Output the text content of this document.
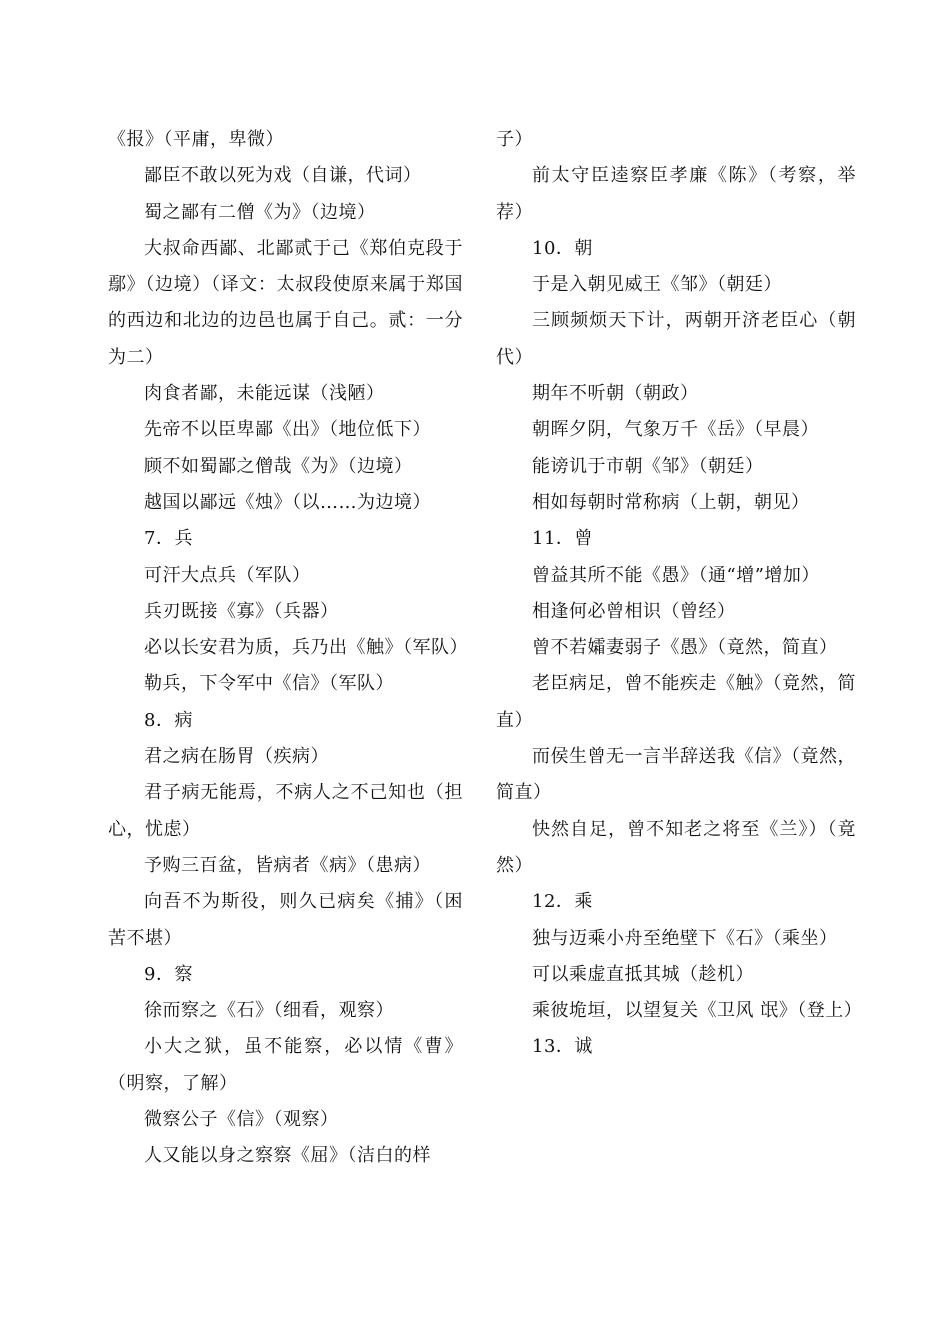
《报》（平庸，卑微）

鄙臣不敢以死为戏（自谦，代词）

蜀之鄙有二僧《为》（边境）

大叔命西鄙、北鄙贰于己《郑伯克段于鄢》（边境）（译文：太叔段使原来属于郑国的西边和北边的边邑也属于自己。贰：一分为二）

肉食者鄙，未能远谋（浅陋）

先帝不以臣卑鄙《出》（地位低下）

顾不如蜀鄙之僧哉《为》（边境）

越国以鄙远《烛》（以……为边境）

7．兵

可汗大点兵（军队）

兵刃既接《寡》（兵器）

必以长安君为质，兵乃出《触》（军队）

勒兵，下令军中《信》（军队）

8．病

君之病在肠胃（疾病）

君子病无能焉，不病人之不己知也（担心，忧虑）

予购三百盆，皆病者《病》（患病）

向吾不为斯役，则久已病矣《捕》（困苦不堪）

9．察

徐而察之《石》（细看，观察）

小大之狱，虽不能察，必以情《曹》（明察，了解）

微察公子《信》（观察）

人又能以身之察察《屈》（洁白的样

子）

前太守臣逵察臣孝廉《陈》（考察，举荐）

10．朝

于是入朝见威王《邹》（朝廷）

三顾频烦天下计，两朝开济老臣心（朝代）

期年不听朝（朝政）

朝晖夕阴，气象万千《岳》（早晨）

能谤讥于市朝《邹》（朝廷）

相如每朝时常称病（上朝，朝见）

11．曾

曾益其所不能《愚》（通“增”增加）

相逢何必曾相识（曾经）

曾不若孀妻弱子《愚》（竟然，简直）

老臣病足，曾不能疾走《触》（竟然，简直）

而侯生曾无一言半辞送我《信》（竟然，简直）

快然自足，曾不知老之将至《兰》）（竟然）

12．乘

独与迈乘小舟至绝壁下《石》（乘坐）

可以乘虚直抵其城（趁机）

乘彼垝垣，以望复关《卫风 氓》（登上）

13．诚
